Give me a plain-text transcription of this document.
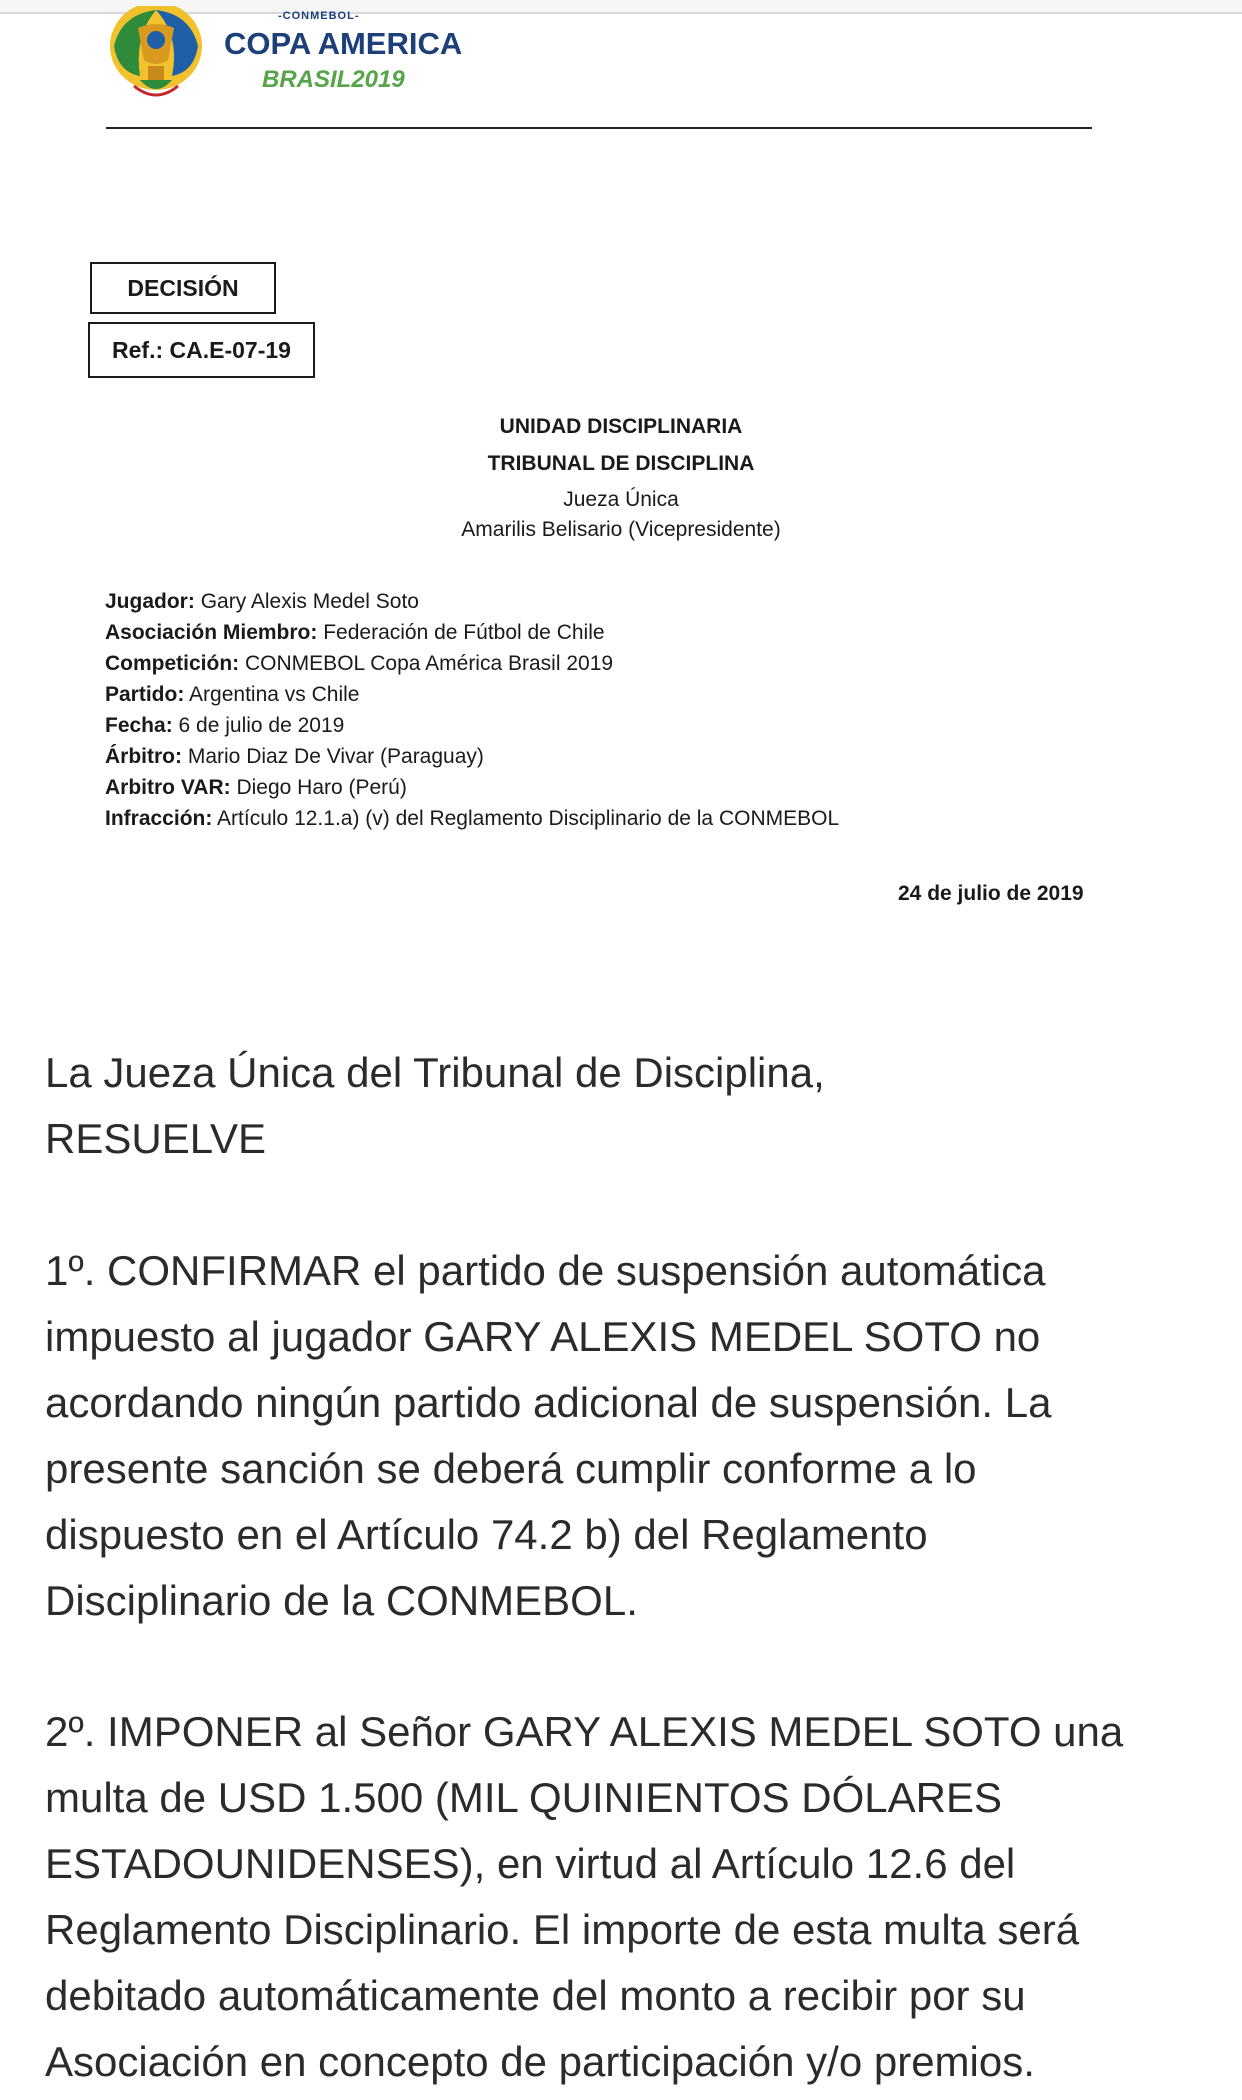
-CONMEBOL-
COPA AMERICA
BRASIL2019
DECISIÓN
Ref.: CA.E-07-19
UNIDAD DISCIPLINARIA
TRIBUNAL DE DISCIPLINA
Jueza Única
Amarilis Belisario (Vicepresidente)
Jugador: Gary Alexis Medel Soto
Asociación Miembro: Federación de Fútbol de Chile
Competición: CONMEBOL Copa América Brasil 2019
Partido: Argentina vs Chile
Fecha: 6 de julio de 2019
Árbitro: Mario Diaz De Vivar (Paraguay)
Arbitro VAR: Diego Haro (Perú)
Infracción: Artículo 12.1.a) (v) del Reglamento Disciplinario de la CONMEBOL
24 de julio de 2019
La Jueza Única del Tribunal de Disciplina,
RESUELVE
1º. CONFIRMAR el partido de suspensión automática
impuesto al jugador GARY ALEXIS MEDEL SOTO no
acordando ningún partido adicional de suspensión. La
presente sanción se deberá cumplir conforme a lo
dispuesto en el Artículo 74.2 b) del Reglamento
Disciplinario de la CONMEBOL.
2º. IMPONER al Señor GARY ALEXIS MEDEL SOTO una
multa de USD 1.500 (MIL QUINIENTOS DÓLARES
ESTADOUNIDENSES), en virtud al Artículo 12.6 del
Reglamento Disciplinario. El importe de esta multa será
debitado automáticamente del monto a recibir por su
Asociación en concepto de participación y/o premios.
